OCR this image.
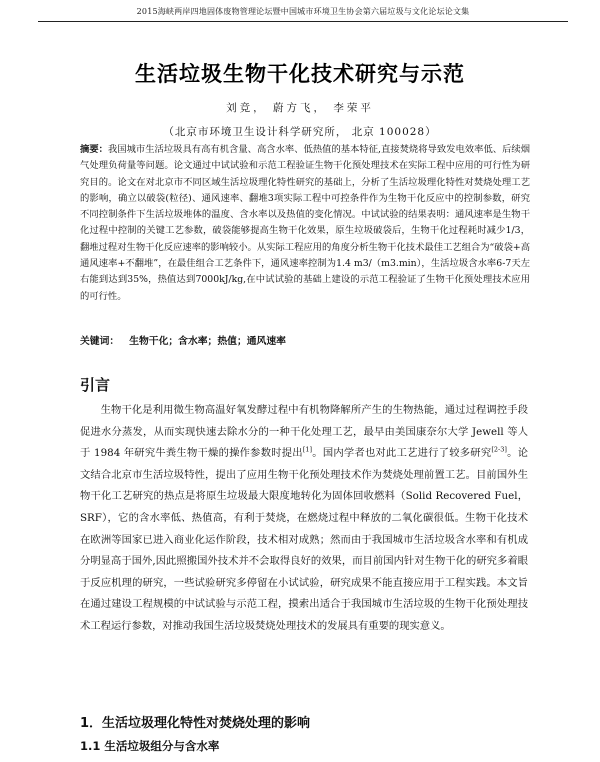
2015海峡两岸四地固体废物管理论坛暨中国城市环境卫生协会第六届垃圾与文化论坛论文集
生活垃圾生物干化技术研究与示范
刘竞， 蔚方飞， 李荣平
（北京市环境卫生设计科学研究所， 北京 100028）
摘要：我国城市生活垃圾具有高有机含量、高含水率、低热值的基本特征,直接焚烧将导致发电效率低、后续烟气处理负荷量等问题。论文通过中试试验和示范工程验证生物干化预处理技术在实际工程中应用的可行性为研究目的。论文在对北京市不同区域生活垃圾理化特性研究的基础上，分析了生活垃圾理化特性对焚烧处理工艺的影响，确立以破袋(粒径)、通风速率、翻堆3项实际工程中可控条件作为生物干化反应中的控制参数，研究不同控制条件下生活垃圾堆体的温度、含水率以及热值的变化情况。中试试验的结果表明：通风速率是生物干化过程中控制的关键工艺参数，破袋能够提高生物干化效果，原生垃圾破袋后，生物干化过程耗时减少1/3， 翻堆过程对生物干化反应速率的影响较小。从实际工程应用的角度分析生物干化技术最佳工艺组合为“破袋+高通风速率+不翻堆”，在最佳组合工艺条件下，通风速率控制为1.4 m3/（m3.min），生活垃圾含水率6-7天左右能到达到35%，热值达到7000kJ/kg,在中试试验的基础上建设的示范工程验证了生物干化预处理技术应用的可行性。
关键词： 生物干化；含水率；热值；通风速率
引言
生物干化是利用微生物高温好氧发酵过程中有机物降解所产生的生物热能，通过过程调控手段促进水分蒸发，从而实现快速去除水分的一种干化处理工艺，最早由美国康奈尔大学 Jewell 等人于 1984 年研究牛粪生物干燥的操作参数时提出[1]。国内学者也对此工艺进行了较多研究[2-3]。论文结合北京市生活垃圾特性，提出了应用生物干化预处理技术作为焚烧处理前置工艺。目前国外生物干化工艺研究的热点是将原生垃圾最大限度地转化为固体回收燃料（Solid Recovered Fuel，SRF），它的含水率低、热值高，有利于焚烧，在燃烧过程中释放的二氧化碳很低。生物干化技术在欧洲等国家已进入商业化运作阶段，技术相对成熟；然而由于我国城市生活垃圾含水率和有机成分明显高于国外,因此照搬国外技术并不会取得良好的效果，而目前国内针对生物干化的研究多着眼于反应机理的研究，一些试验研究多停留在小试试验，研究成果不能直接应用于工程实践。本文旨在通过建设工程规模的中试试验与示范工程，摸索出适合于我国城市生活垃圾的生物干化预处理技术工程运行参数，对推动我国生活垃圾焚烧处理技术的发展具有重要的现实意义。
1．生活垃圾理化特性对焚烧处理的影响
1.1 生活垃圾组分与含水率
